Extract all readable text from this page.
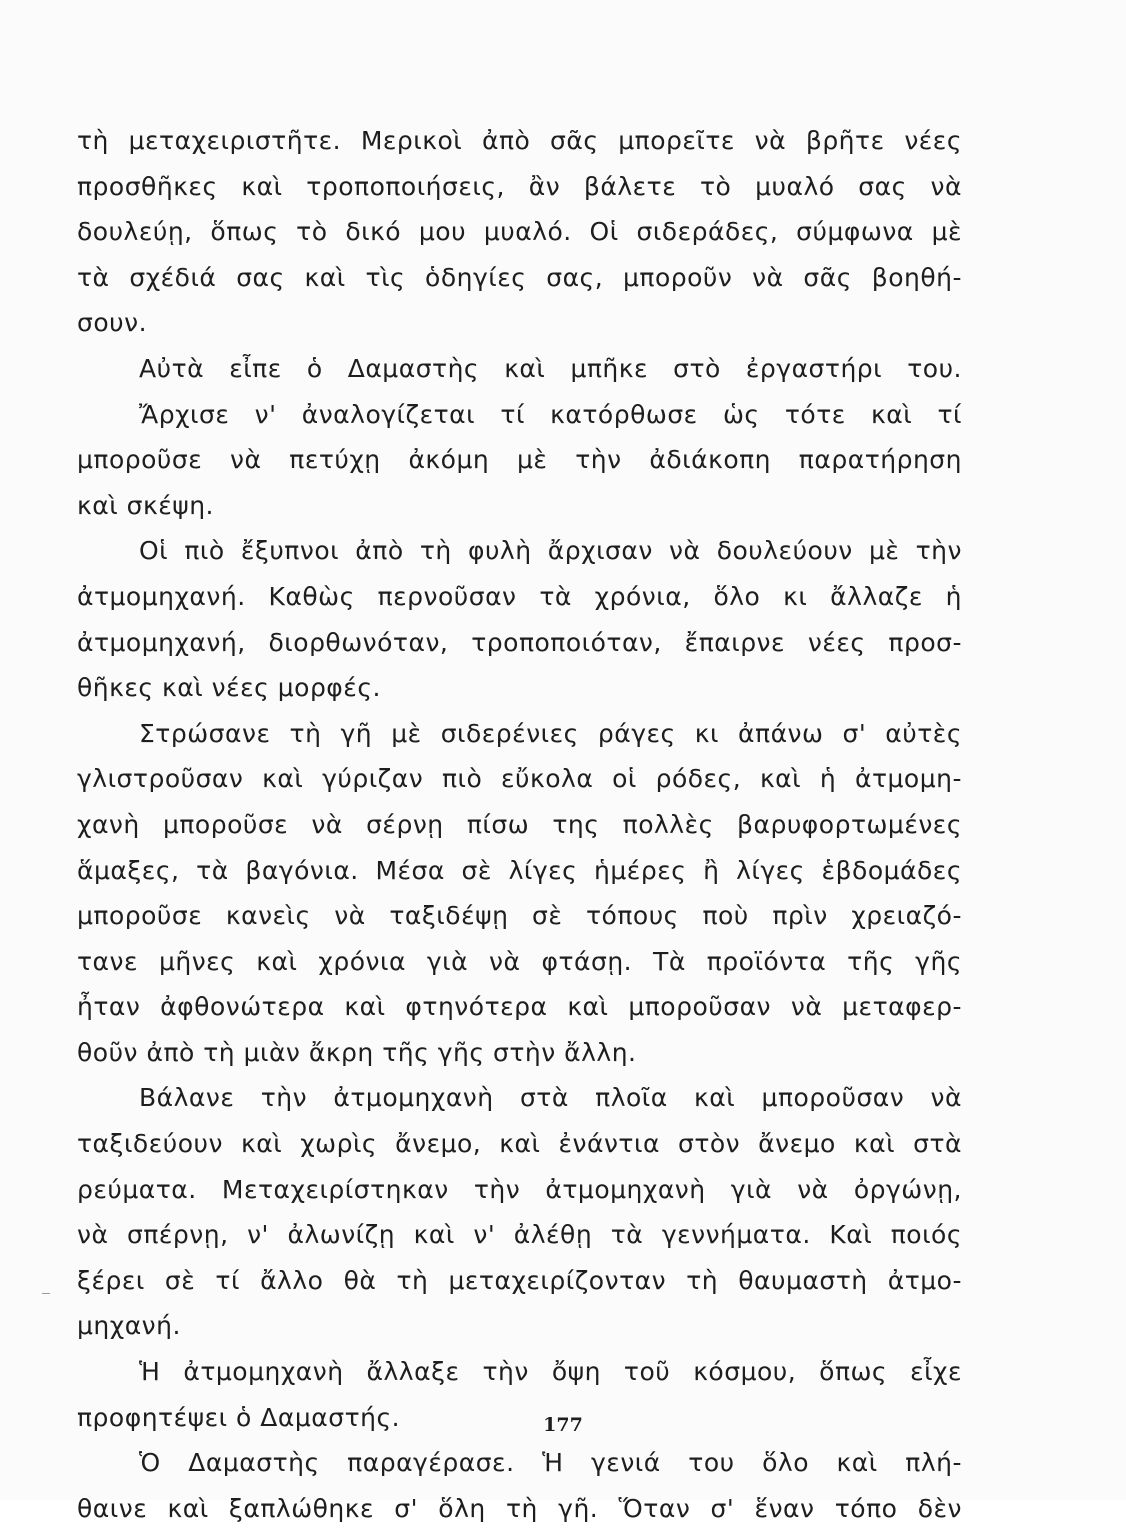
τὴ μεταχειριστῆτε. Μερικοὶ ἀπὸ σᾶς μπορεῖτε νὰ βρῆτε νέες
προσθῆκες καὶ τροποποιήσεις, ἂν βάλετε τὸ μυαλό σας νὰ
δουλεύῃ, ὅπως τὸ δικό μου μυαλό. Οἱ σιδεράδες, σύμφωνα μὲ
τὰ σχέδιά σας καὶ τὶς ὁδηγίες σας, μποροῦν νὰ σᾶς βοηθή-
σουν.
Αὐτὰ εἶπε ὁ Δαμαστὴς καὶ μπῆκε στὸ ἐργαστήρι του.
Ἄρχισε ν' ἀναλογίζεται τί κατόρθωσε ὡς τότε καὶ τί
μποροῦσε νὰ πετύχῃ ἀκόμη μὲ τὴν ἀδιάκοπη παρατήρηση
καὶ σκέψη.
Οἱ πιὸ ἔξυπνοι ἀπὸ τὴ φυλὴ ἄρχισαν νὰ δουλεύουν μὲ τὴν
ἀτμομηχανή. Καθὼς περνοῦσαν τὰ χρόνια, ὅλο κι ἄλλαζε ἡ
ἀτμομηχανή, διορθωνόταν, τροποποιόταν, ἔπαιρνε νέες προσ-
θῆκες καὶ νέες μορφές.
Στρώσανε τὴ γῆ μὲ σιδερένιες ράγες κι ἀπάνω σ' αὐτὲς
γλιστροῦσαν καὶ γύριζαν πιὸ εὔκολα οἱ ρόδες, καὶ ἡ ἀτμομη-
χανὴ μποροῦσε νὰ σέρνῃ πίσω της πολλὲς βαρυφορτωμένες
ἅμαξες, τὰ βαγόνια. Μέσα σὲ λίγες ἡμέρες ἢ λίγες ἑβδομάδες
μποροῦσε κανεὶς νὰ ταξιδέψῃ σὲ τόπους ποὺ πρὶν χρειαζό-
τανε μῆνες καὶ χρόνια γιὰ νὰ φτάσῃ. Τὰ προϊόντα τῆς γῆς
ἦταν ἀφθονώτερα καὶ φτηνότερα καὶ μποροῦσαν νὰ μεταφερ-
θοῦν ἀπὸ τὴ μιὰν ἄκρη τῆς γῆς στὴν ἄλλη.
Βάλανε τὴν ἀτμομηχανὴ στὰ πλοῖα καὶ μποροῦσαν νὰ
ταξιδεύουν καὶ χωρὶς ἄνεμο, καὶ ἐνάντια στὸν ἄνεμο καὶ στὰ
ρεύματα. Μεταχειρίστηκαν τὴν ἀτμομηχανὴ γιὰ νὰ ὀργώνῃ,
νὰ σπέρνῃ, ν' ἀλωνίζῃ καὶ ν' ἀλέθῃ τὰ γεννήματα. Καὶ ποιός
ξέρει σὲ τί ἄλλο θὰ τὴ μεταχειρίζονταν τὴ θαυμαστὴ ἀτμο-
μηχανή.
Ἡ ἀτμομηχανὴ ἄλλαξε τὴν ὄψη τοῦ κόσμου, ὅπως εἶχε
προφητέψει ὁ Δαμαστής.
Ὁ Δαμαστὴς παραγέρασε. Ἡ γενιά του ὅλο καὶ πλή-
θαινε καὶ ξαπλώθηκε σ' ὅλη τὴ γῆ. Ὅταν σ' ἕναν τόπο δὲν
177
